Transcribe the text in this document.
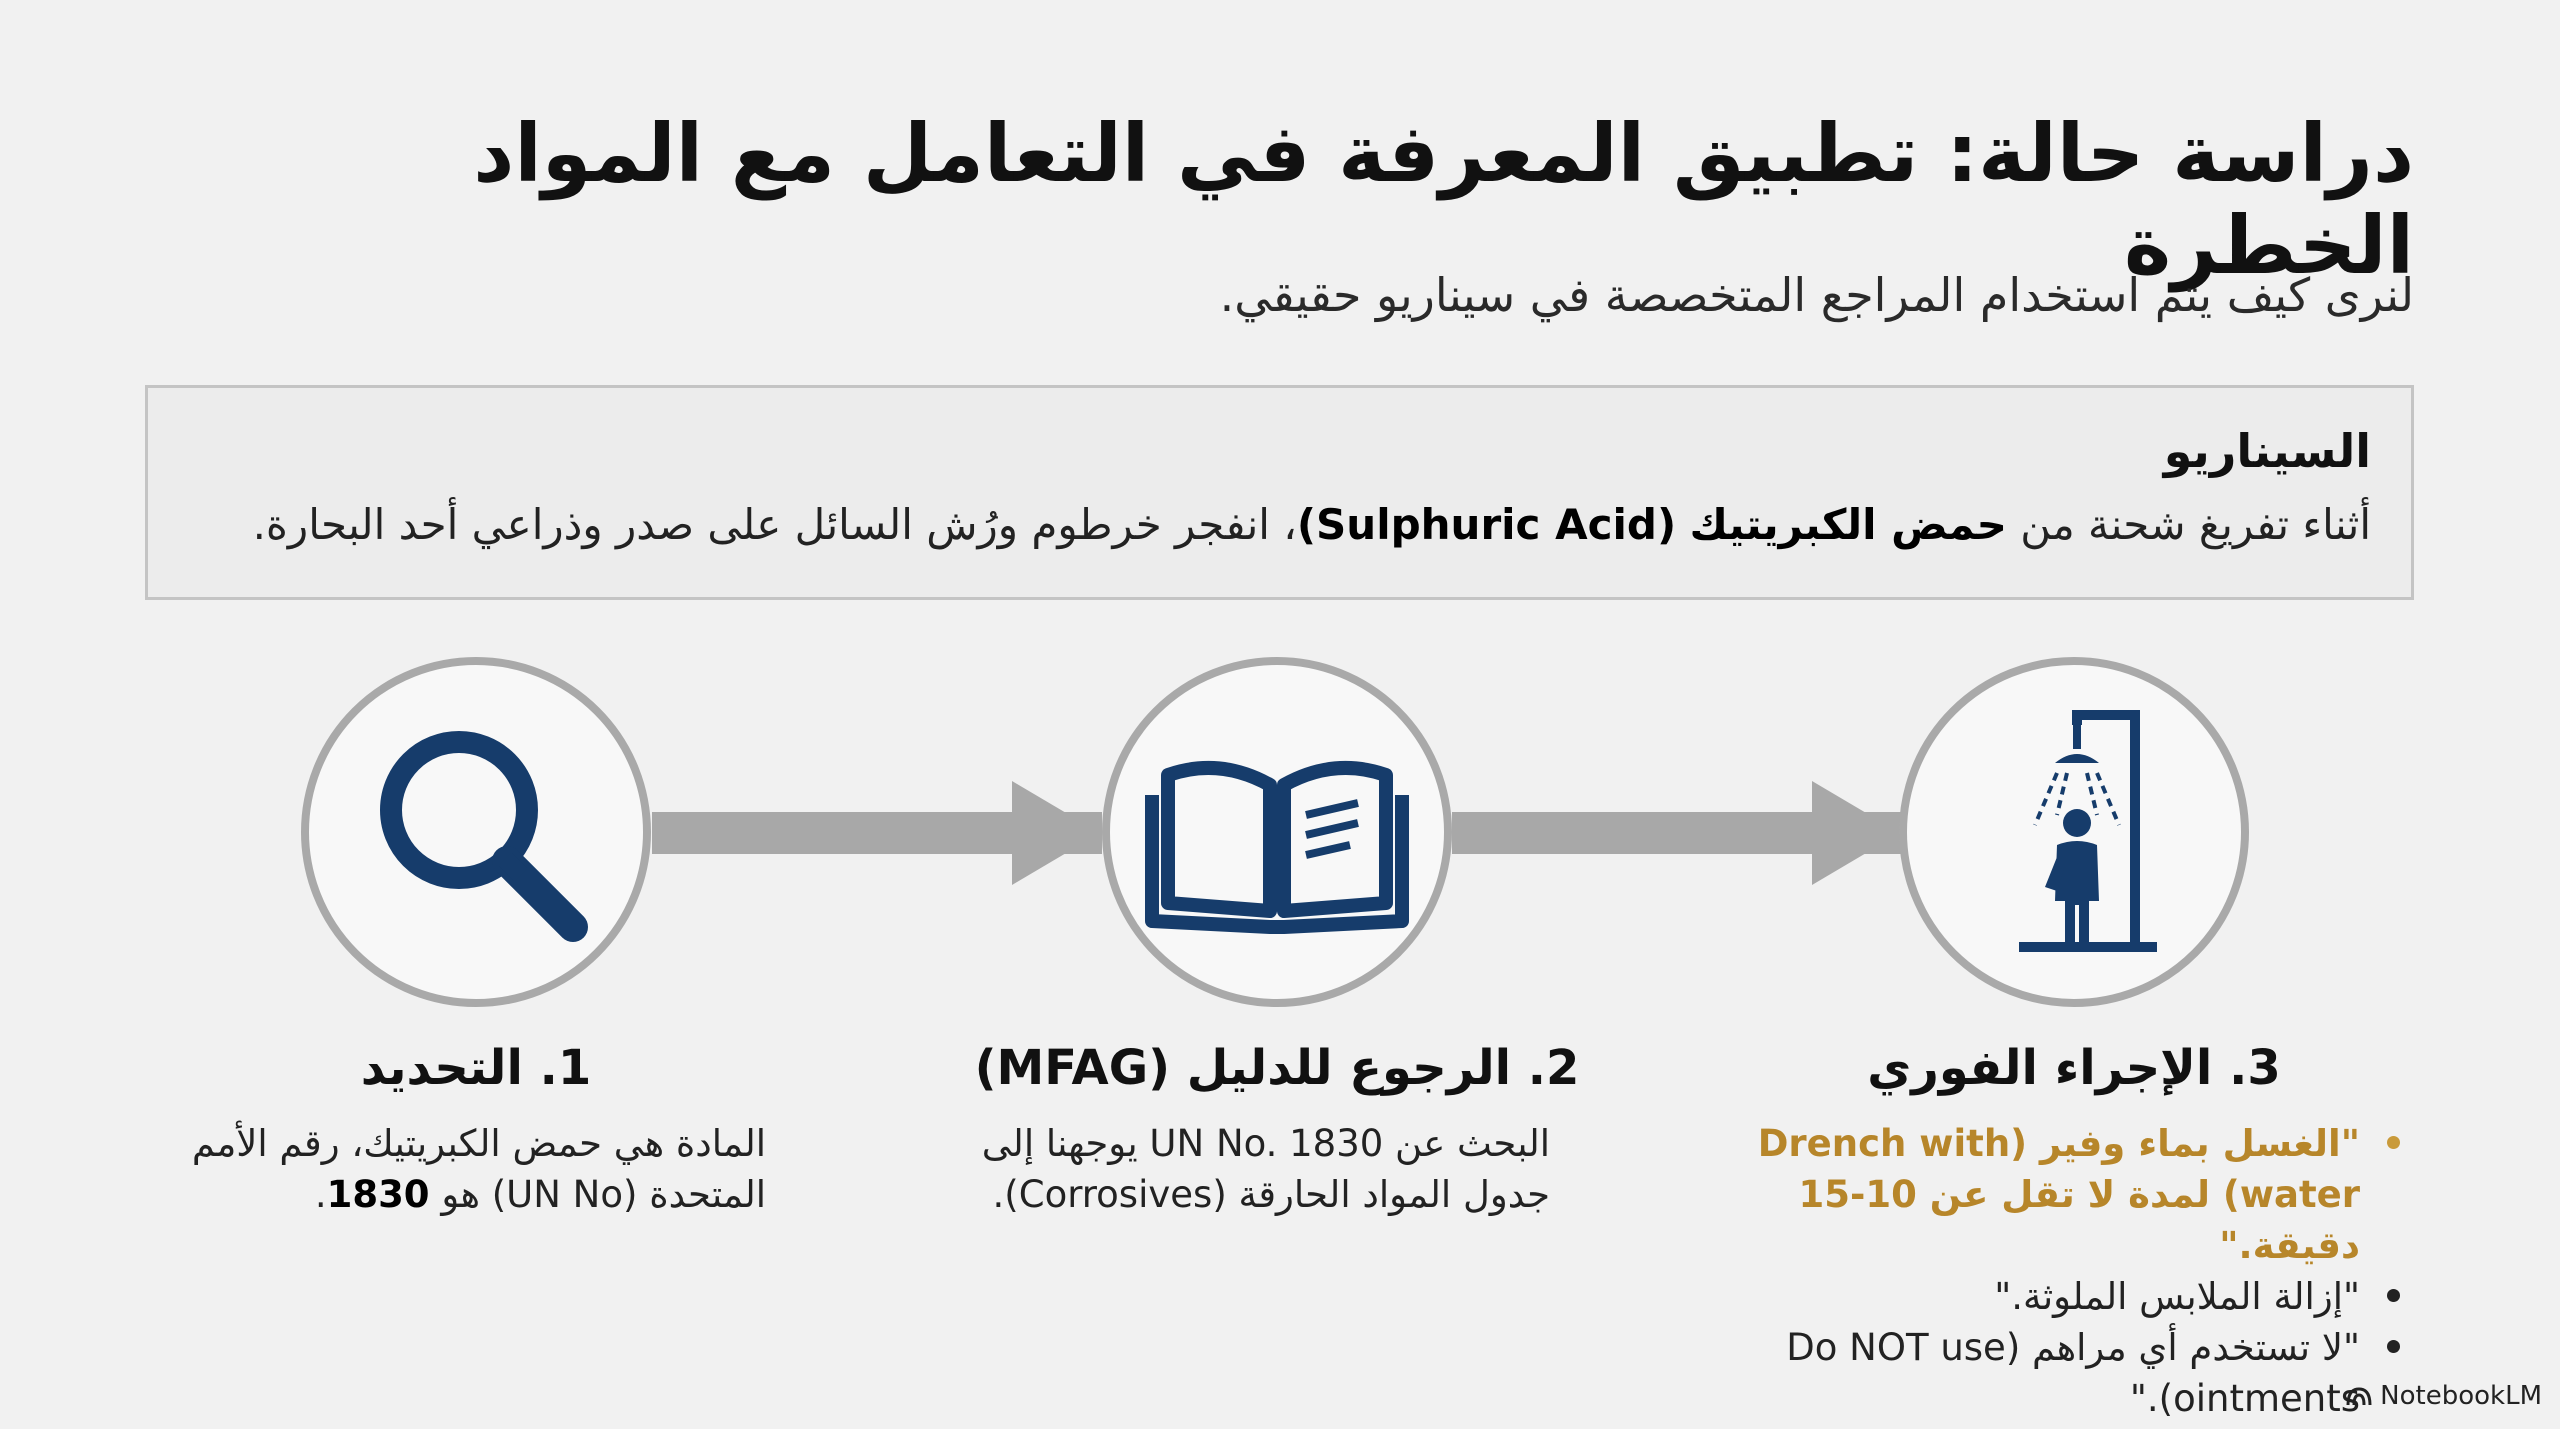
دراسة حالة: تطبيق المعرفة في التعامل مع المواد الخطرة

لنرى كيف يتم استخدام المراجع المتخصصة في سيناريو حقيقي.

السيناريو

أثناء تفريغ شحنة من حمض الكبريتيك (Sulphuric Acid)، انفجر خرطوم ورُش السائل على صدر وذراعي أحد البحارة.

1. التحديد	2. الرجوع للدليل (MFAG)	3. الإجراء الفوري

المادة هي حمض الكبريتيك، رقم الأمم
المتحدة (UN No) هو 1830.
البحث عن UN No. 1830 يوجهنا إلى
جدول المواد الحارقة (Corrosives).
"الغسل بماء وفير (Drench with water) لمدة لا تقل عن 10-15 دقيقة."
"إزالة الملابس الملوثة."
"لا تستخدم أي مراهم (Do NOT use ointments)." NotebookLM
